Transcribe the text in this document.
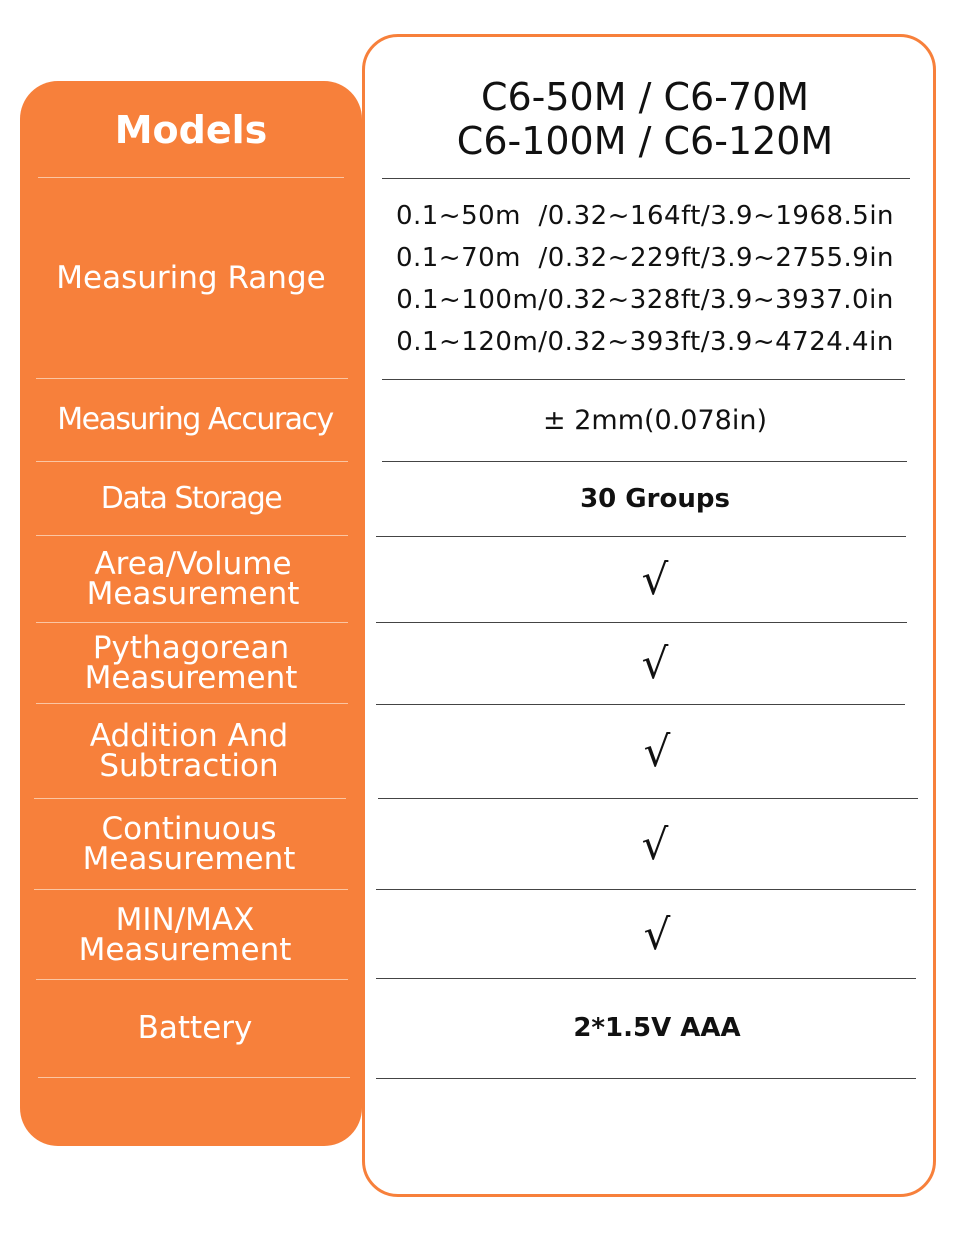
Models
Measuring Range
Measuring Accuracy
Data Storage
Area/Volume
Measurement
Pythagorean
Measurement
Addition And
Subtraction
Continuous
Measurement
MIN/MAX
Measurement
Battery
C6-50M / C6-70M
C6-100M / C6-120M
0.1~50m  /0.32~164ft/3.9~1968.5in
0.1~70m  /0.32~229ft/3.9~2755.9in
0.1~100m/0.32~328ft/3.9~3937.0in
0.1~120m/0.32~393ft/3.9~4724.4in
± 2mm(0.078in)
30 Groups
√
√
√
√
√
2*1.5V AAA
